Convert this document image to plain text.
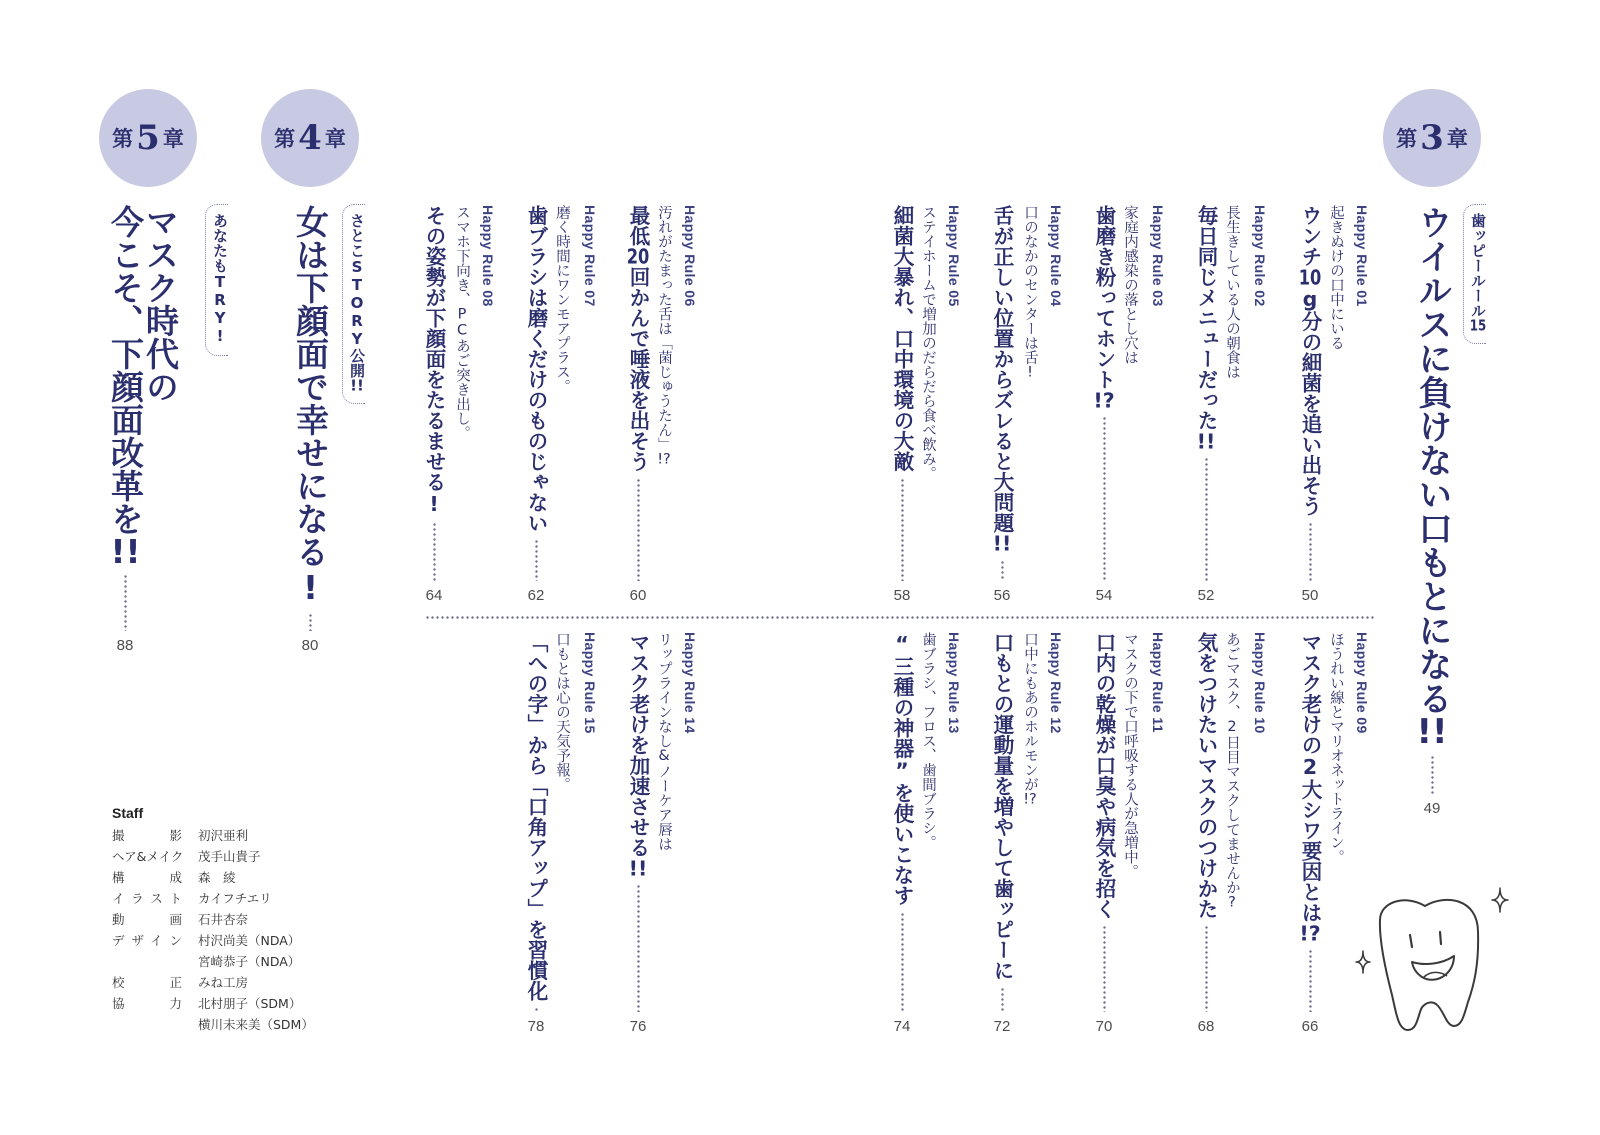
第 3 章
歯ッピールール15
ウイルスに負けない口もとになる!!
49
Happy Rule 01
起きぬけの口中にいる
ウンチ10g分の細菌を追い出そう
50
Happy Rule 02
長生きしている人の朝食は
毎日同じメニューだった!!
52
Happy Rule 03
家庭内感染の落とし穴は
歯磨き粉ってホント!?
54
Happy Rule 04
口のなかのセンターは舌!
舌が正しい位置からズレると大問題!!
56
Happy Rule 05
ステイホームで増加のだらだら食べ飲み。
細菌大暴れ、口中環境の大敵
58
Happy Rule 06
汚れがたまった舌は「菌じゅうたん」!?
最低20回かんで唾液を出そう
60
Happy Rule 07
磨く時間にワンモアプラス。
歯ブラシは磨くだけのものじゃない
62
Happy Rule 08
スマホ下向き、PCあご突き出し。
その姿勢が下顔面をたるませる!
64
Happy Rule 09
ほうれい線とマリオネットライン。
マスク老けの2大シワ要因とは!?
66
Happy Rule 10
あごマスク、2日目マスクしてませんか?
気をつけたいマスクのつけかた
68
Happy Rule 11
マスクの下で口呼吸する人が急増中。
口内の乾燥が口臭や病気を招く
70
Happy Rule 12
口中にもあのホルモンが!?
口もとの運動量を増やして歯ッピーに
72
Happy Rule 13
歯ブラシ、フロス、歯間ブラシ。
“三種の神器”を使いこなす
74
Happy Rule 14
リップラインなし&ノーケア唇は
マスク老けを加速させる!!
76
Happy Rule 15
口もとは心の天気予報。
「への字」から「口角アップ」を習慣化
78
第 4 章
さとこSTORY公開!!
女は下顔面で幸せになる!
80
第 5 章
あなたもTRY!
マスク時代の
今こそ、下顔面改革を!!
88
Staff
撮影 初沢亜利
ヘア&メイク 茂手山貴子
構成 森　綾
イラスト カイフチエリ
動画 石井杏奈
デザイン 村沢尚美（NDA）
宮崎恭子（NDA）
校正 みね工房
協力 北村朋子（SDM）
横川未来美（SDM）
